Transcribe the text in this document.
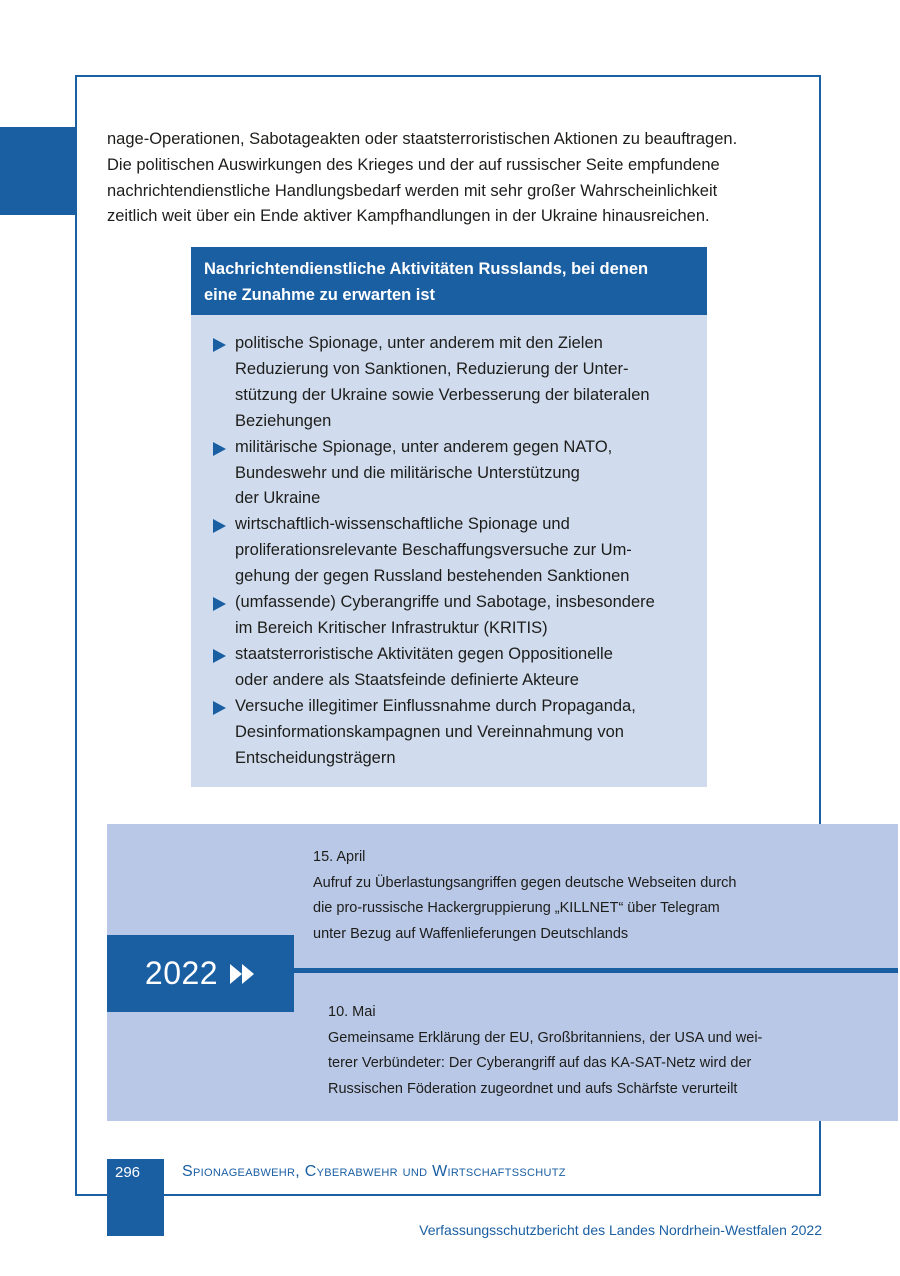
nage-Operationen, Sabotageakten oder staatsterroristischen Aktionen zu beauftragen.
Die politischen Auswirkungen des Krieges und der auf russischer Seite empfundene
nachrichtendienstliche Handlungsbedarf werden mit sehr großer Wahrscheinlichkeit
zeitlich weit über ein Ende aktiver Kampfhandlungen in der Ukraine hinausreichen.

Nachrichtendienstliche Aktivitäten Russlands, bei denen
eine Zunahme zu erwarten ist
politische Spionage, unter anderem mit den Zielen
Reduzierung von Sanktionen, Reduzierung der Unter-
stützung der Ukraine sowie Verbesserung der bilateralen
Beziehungen
militärische Spionage, unter anderem gegen NATO,
Bundeswehr und die militärische Unterstützung
der Ukraine
wirtschaftlich-wissenschaftliche Spionage und
proliferationsrelevante Beschaffungsversuche zur Um-
gehung der gegen Russland bestehenden Sanktionen
(umfassende) Cyberangriffe und Sabotage, insbesondere
im Bereich Kritischer Infrastruktur (KRITIS)
staatsterroristische Aktivitäten gegen Oppositionelle
oder andere als Staatsfeinde definierte Akteure
Versuche illegitimer Einflussnahme durch Propaganda,
Desinformationskampagnen und Vereinnahmung von
Entscheidungsträgern
2022
15. April
Aufruf zu Überlastungsangriffen gegen deutsche Webseiten durch
die pro-russische Hackergruppierung „KILLNET“ über Telegram
unter Bezug auf Waffenlieferungen Deutschlands
10. Mai
Gemeinsame Erklärung der EU, Großbritanniens, der USA und wei-
terer Verbündeter: Der Cyberangriff auf das KA-SAT-Netz wird der
Russischen Föderation zugeordnet und aufs Schärfste verurteilt
296	Spionageabwehr, Cyberabwehr und Wirtschaftsschutz
Verfassungsschutzbericht des Landes Nordrhein-Westfalen 2022
